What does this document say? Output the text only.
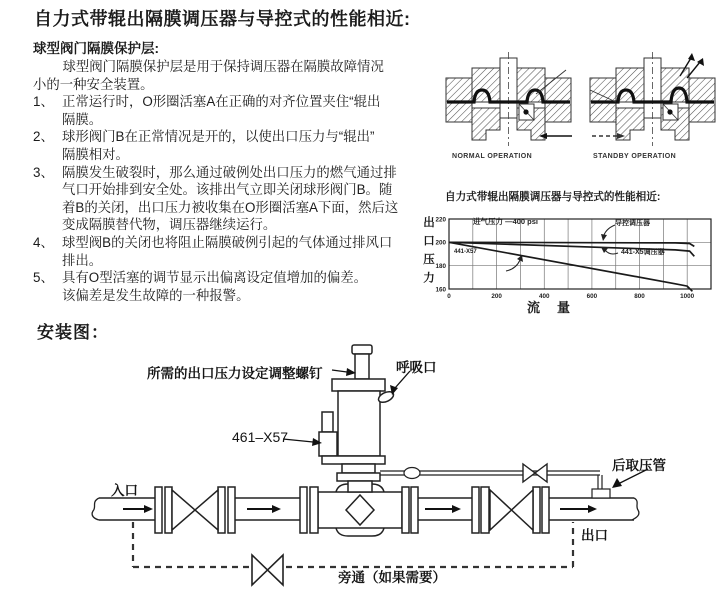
自力式带辊出隔膜调压器与导控式的性能相近:
球型阀门隔膜保护层:
球型阀门隔膜保护层是用于保持调压器在隔膜故障情况
小的一种安全装置。
1、 正常运行时，O形圈活塞A在正确的对齐位置夹住“辊出
隔膜。
2、 球形阀门B在正常情况是开的，以使出口压力与“辊出”
隔膜相对。
3、 隔膜发生破裂时，那么通过破例处出口压力的燃气通过排
气口开始排到安全处。该排出气立即关闭球形阀门B。随
着B的关闭，出口压力被收集在O形圈活塞A下面，然后这
变成隔膜替代物，调压器继续运行。
4、 球型阀B的关闭也将阻止隔膜破例引起的气体通过排风口
排出。
5、 具有O型活塞的调节显示出偏离设定值增加的偏差。
该偏差是发生故障的一种报警。
安装图：
NORMAL OPERATION	STANDBY OPERATION
自力式带辊出隔膜调压器与导控式的性能相近:
出口压力
0	200	400	600	800	1000
160
180
200
220	进气压力 —400 psi
441-X57
导控调压器
441-X5调压器
流　量
所需的出口压力设定调整螺钉	呼吸口
461–X57
入口
后取压管
出口
旁通（如果需要）
